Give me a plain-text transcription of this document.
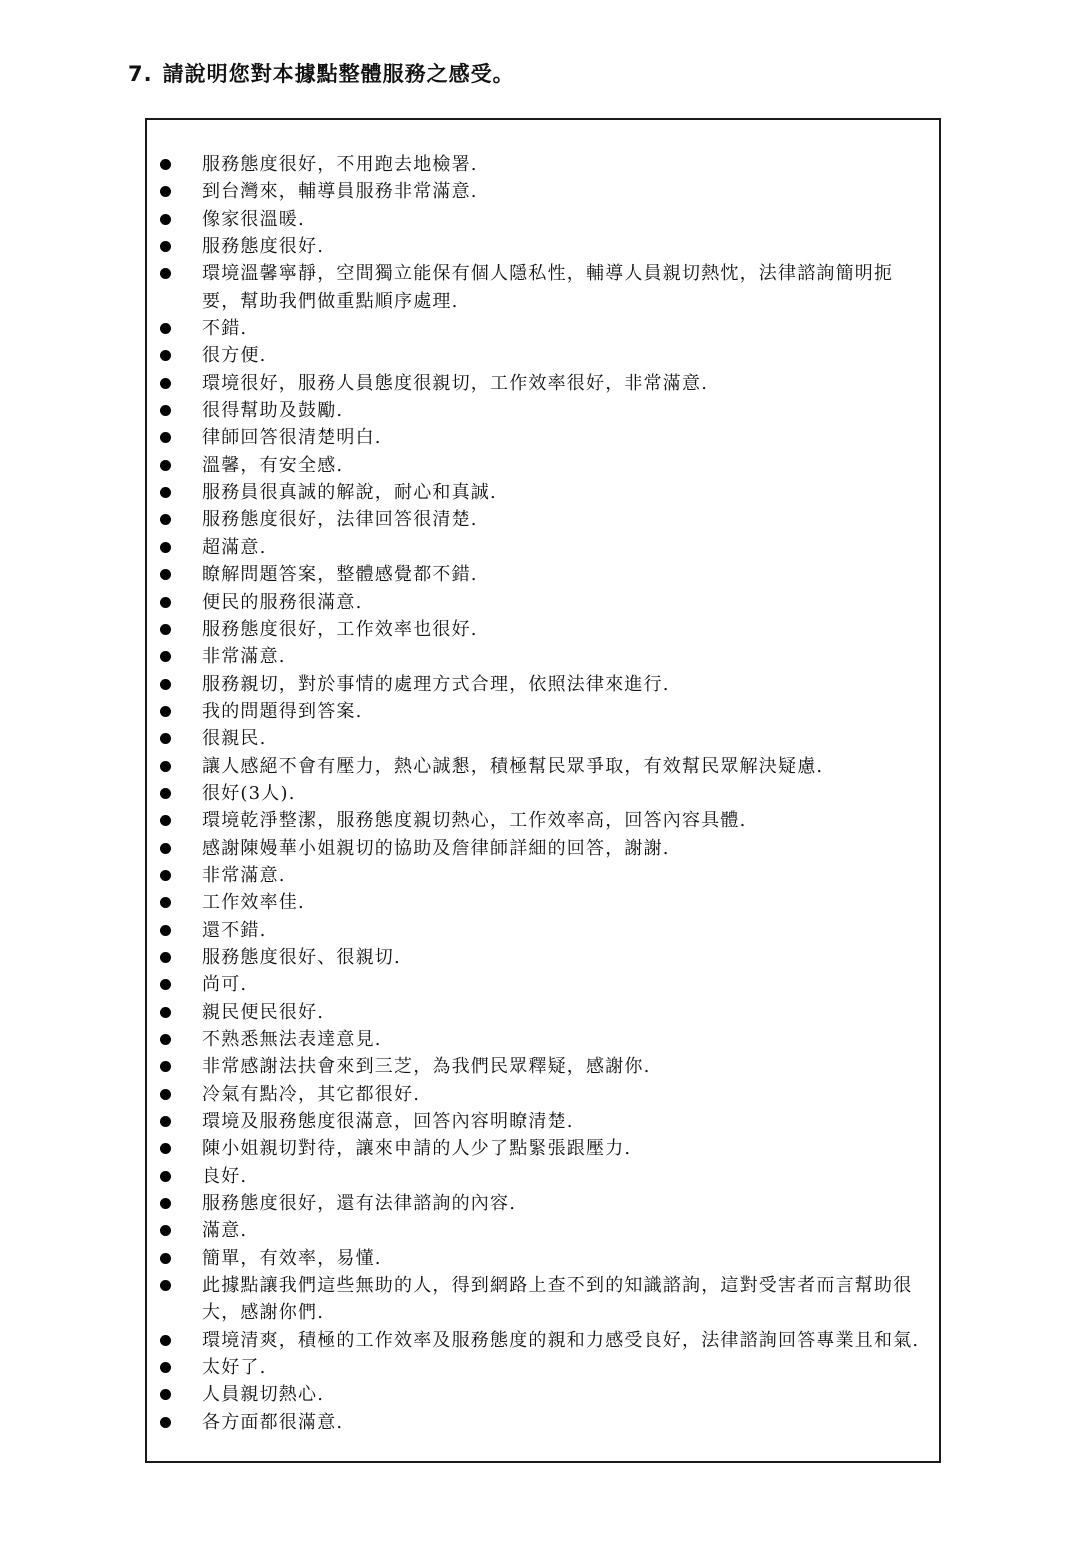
7. 請說明您對本據點整體服務之感受。
服務態度很好，不用跑去地檢署.
到台灣來，輔導員服務非常滿意.
像家很溫暖.
服務態度很好.
環境溫馨寧靜，空間獨立能保有個人隱私性，輔導人員親切熱忱，法律諮詢簡明扼要，幫助我們做重點順序處理.
不錯.
很方便.
環境很好，服務人員態度很親切，工作效率很好，非常滿意.
很得幫助及鼓勵.
律師回答很清楚明白.
溫馨，有安全感.
服務員很真誠的解說，耐心和真誠.
服務態度很好，法律回答很清楚.
超滿意.
瞭解問題答案，整體感覺都不錯.
便民的服務很滿意.
服務態度很好，工作效率也很好.
非常滿意.
服務親切，對於事情的處理方式合理，依照法律來進行.
我的問題得到答案.
很親民.
讓人感絕不會有壓力，熱心誠懇，積極幫民眾爭取，有效幫民眾解決疑慮.
很好(3人).
環境乾淨整潔，服務態度親切熱心，工作效率高，回答內容具體.
感謝陳嫚華小姐親切的協助及詹律師詳細的回答，謝謝.
非常滿意.
工作效率佳.
還不錯.
服務態度很好、很親切.
尚可.
親民便民很好.
不熟悉無法表達意見.
非常感謝法扶會來到三芝，為我們民眾釋疑，感謝你.
冷氣有點冷，其它都很好.
環境及服務態度很滿意，回答內容明瞭清楚.
陳小姐親切對待，讓來申請的人少了點緊張跟壓力.
良好.
服務態度很好，還有法律諮詢的內容.
滿意.
簡單，有效率，易懂.
此據點讓我們這些無助的人，得到網路上查不到的知識諮詢，這對受害者而言幫助很大，感謝你們.
環境清爽，積極的工作效率及服務態度的親和力感受良好，法律諮詢回答專業且和氣.
太好了.
人員親切熱心.
各方面都很滿意.
